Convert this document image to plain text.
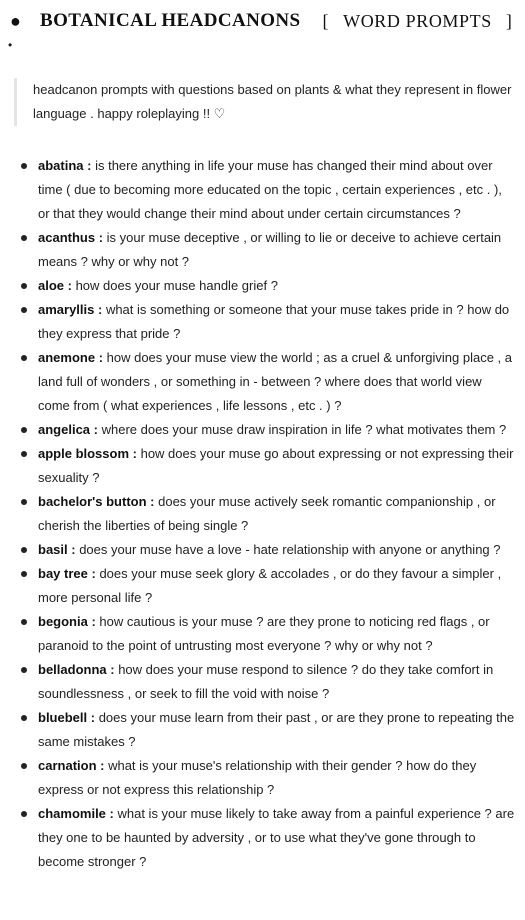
●	BOTANICAL HEADCANONS [ WORD PROMPTS ]
•
headcanon prompts with questions based on plants & what they represent in flower language . happy roleplaying !! ♡
abatina : is there anything in life your muse has changed their mind about over time ( due to becoming more educated on the topic , certain experiences , etc . ), or that they would change their mind about under certain circumstances ?
acanthus : is your muse deceptive , or willing to lie or deceive to achieve certain means ? why or why not ?
aloe : how does your muse handle grief ?
amaryllis : what is something or someone that your muse takes pride in ? how do they express that pride ?
anemone : how does your muse view the world ; as a cruel & unforgiving place , a land full of wonders , or something in - between ? where does that world view come from ( what experiences , life lessons , etc . ) ?
angelica : where does your muse draw inspiration in life ? what motivates them ?
apple blossom : how does your muse go about expressing or not expressing their sexuality ?
bachelor's button : does your muse actively seek romantic companionship , or cherish the liberties of being single ?
basil : does your muse have a love - hate relationship with anyone or anything ?
bay tree : does your muse seek glory & accolades , or do they favour a simpler , more personal life ?
begonia : how cautious is your muse ? are they prone to noticing red flags , or paranoid to the point of untrusting most everyone ? why or why not ?
belladonna : how does your muse respond to silence ? do they take comfort in soundlessness , or seek to fill the void with noise ?
bluebell : does your muse learn from their past , or are they prone to repeating the same mistakes ?
carnation : what is your muse's relationship with their gender ? how do they express or not express this relationship ?
chamomile : what is your muse likely to take away from a painful experience ? are they one to be haunted by adversity , or to use what they've gone through to become stronger ?
